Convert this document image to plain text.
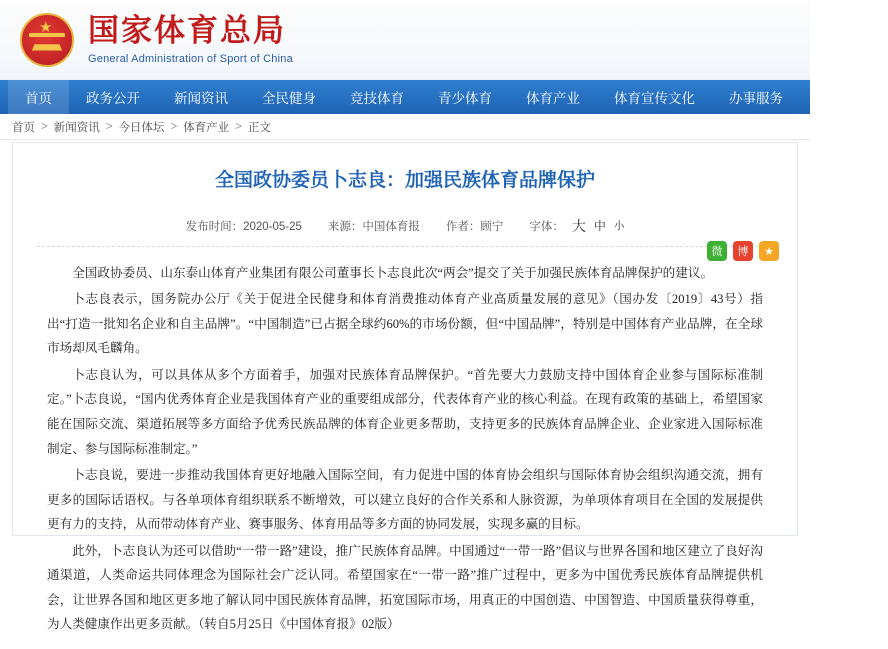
★ 国家体育总局
General Administration of Sport of China
首页	政务公开	新闻资讯	全民健身	竞技体育	青少体育	体育产业	体育宣传文化	办事服务	网络问政
首页 > 新闻资讯 > 今日体坛 > 体育产业 > 正文
全国政协委员卜志良：加强民族体育品牌保护
发布时间：2020-05-25 来源：中国体育报 作者：顾宁 字体： 大 中 小
微	博	★

全国政协委员、山东泰山体育产业集团有限公司董事长卜志良此次“两会”提交了关于加强民族体育品牌保护的建议。

卜志良表示，国务院办公厅《关于促进全民健身和体育消费推动体育产业高质量发展的意见》（国办发〔2019〕43号）指出“打造一批知名企业和自主品牌”。“中国制造”已占据全球约60%的市场份额，但“中国品牌”，特别是中国体育产业品牌，在全球市场却凤毛麟角。

卜志良认为，可以具体从多个方面着手，加强对民族体育品牌保护。“首先要大力鼓励支持中国体育企业参与国际标准制定。”卜志良说，“国内优秀体育企业是我国体育产业的重要组成部分，代表体育产业的核心利益。在现有政策的基础上，希望国家能在国际交流、渠道拓展等多方面给予优秀民族品牌的体育企业更多帮助，支持更多的民族体育品牌企业、企业家进入国际标准制定、参与国际标准制定。”

卜志良说，要进一步推动我国体育更好地融入国际空间，有力促进中国的体育协会组织与国际体育协会组织沟通交流，拥有更多的国际话语权。与各单项体育组织联系不断增效，可以建立良好的合作关系和人脉资源，为单项体育项目在全国的发展提供更有力的支持，从而带动体育产业、赛事服务、体育用品等多方面的协同发展，实现多赢的目标。

此外，卜志良认为还可以借助“一带一路”建设，推广民族体育品牌。中国通过“一带一路”倡议与世界各国和地区建立了良好沟通渠道，人类命运共同体理念为国际社会广泛认同。希望国家在“一带一路”推广过程中，更多为中国优秀民族体育品牌提供机会，让世界各国和地区更多地了解认同中国民族体育品牌，拓宽国际市场，用真正的中国创造、中国智造、中国质量获得尊重，为人类健康作出更多贡献。（转自5月25日《中国体育报》02版）
